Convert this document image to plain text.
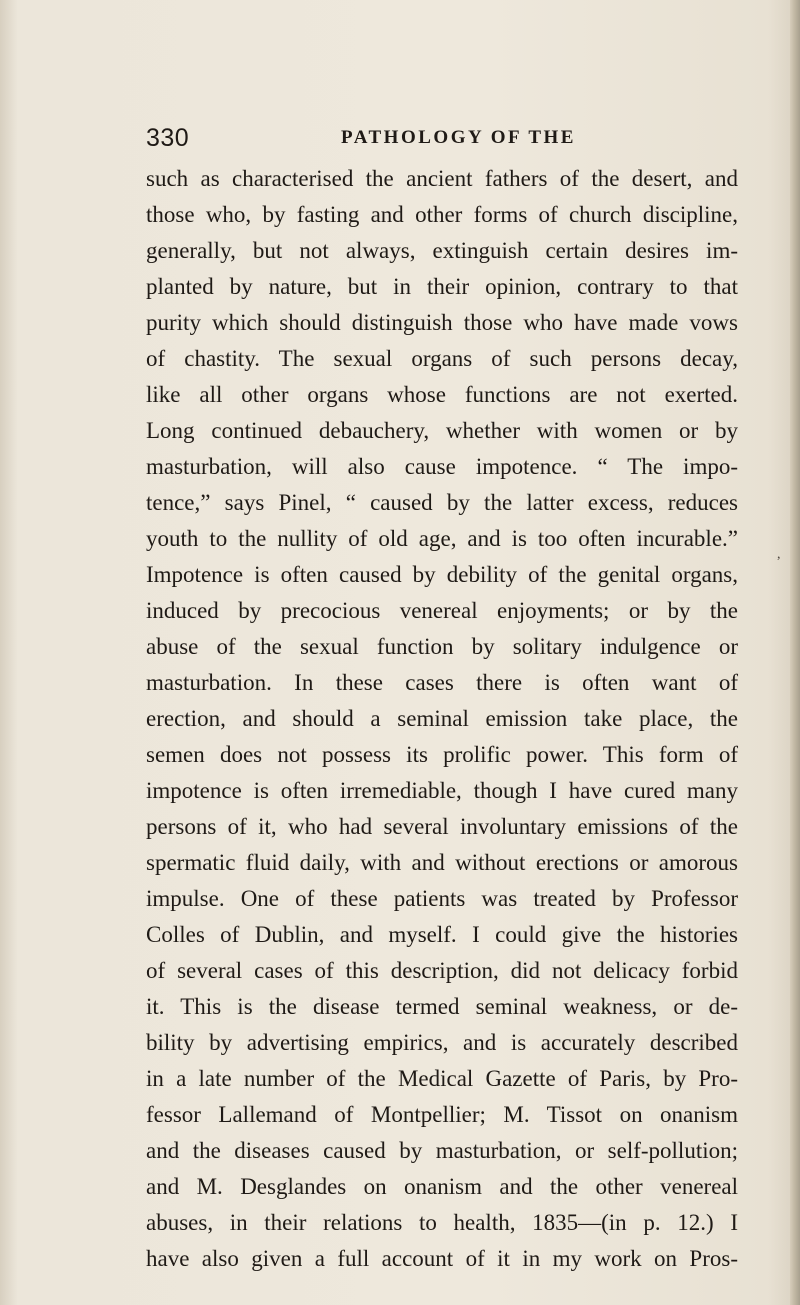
330	PATHOLOGY OF THE
such as characterised the ancient fathers of the desert, and
those who, by fasting and other forms of church discipline,
generally, but not always, extinguish certain desires im-
planted by nature, but in their opinion, contrary to that
purity which should distinguish those who have made vows
of chastity. The sexual organs of such persons decay,
like all other organs whose functions are not exerted.
Long continued debauchery, whether with women or by
masturbation, will also cause impotence. “ The impo-
tence,” says Pinel, “ caused by the latter excess, reduces
youth to the nullity of old age, and is too often incurable.”
Impotence is often caused by debility of the genital organs,
induced by precocious venereal enjoyments; or by the
abuse of the sexual function by solitary indulgence or
masturbation. In these cases there is often want of
erection, and should a seminal emission take place, the
semen does not possess its prolific power. This form of
impotence is often irremediable, though I have cured many
persons of it, who had several involuntary emissions of the
spermatic fluid daily, with and without erections or amorous
impulse. One of these patients was treated by Professor
Colles of Dublin, and myself. I could give the histories
of several cases of this description, did not delicacy forbid
it. This is the disease termed seminal weakness, or de-
bility by advertising empirics, and is accurately described
in a late number of the Medical Gazette of Paris, by Pro-
fessor Lallemand of Montpellier; M. Tissot on onanism
and the diseases caused by masturbation, or self-pollution;
and M. Desglandes on onanism and the other venereal
abuses, in their relations to health, 1835—(in p. 12.) I
have also given a full account of it in my work on Pros-
,
